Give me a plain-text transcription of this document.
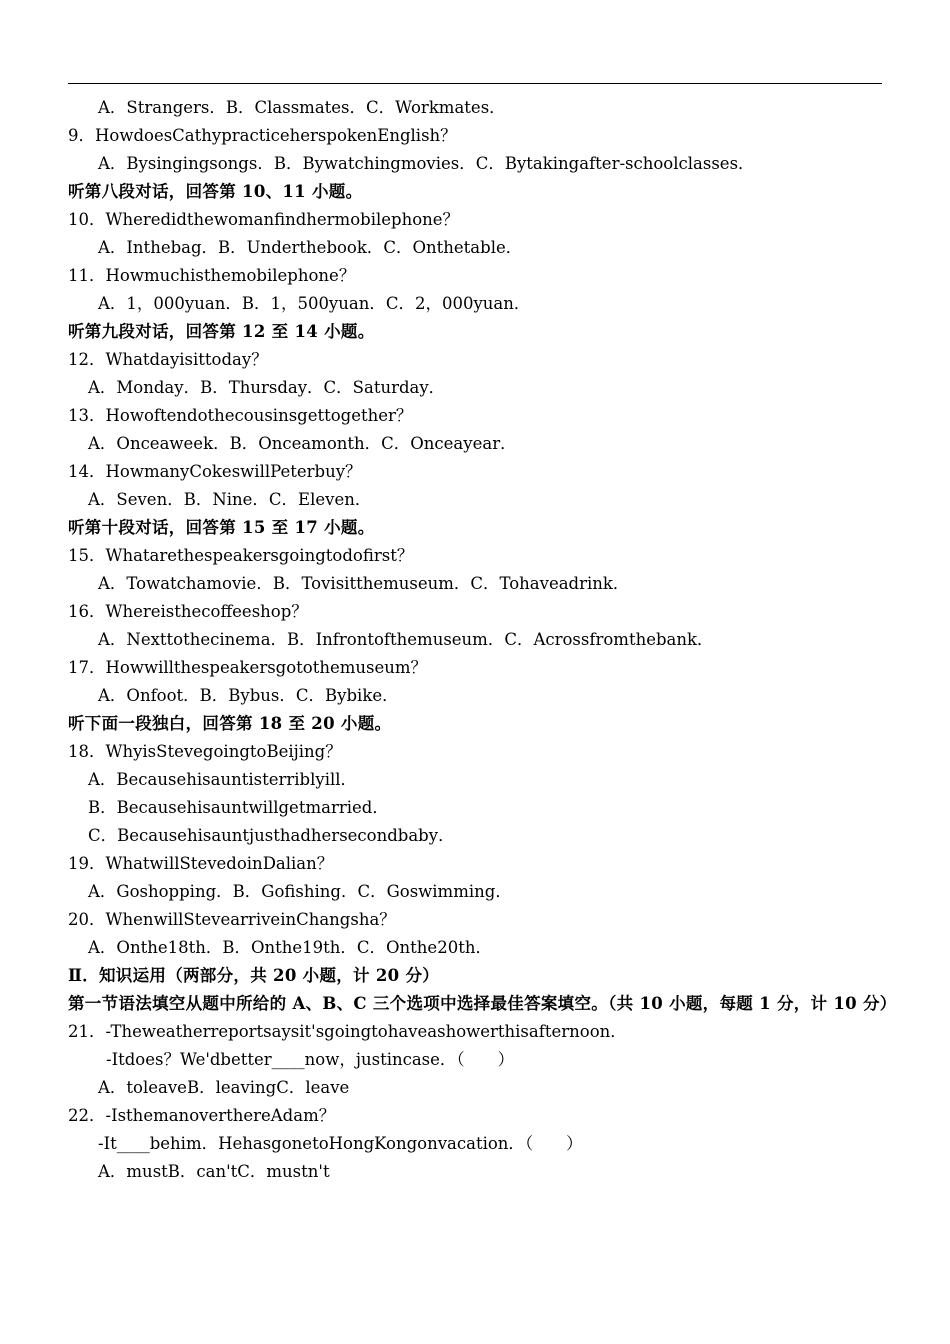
A．Strangers．B．Classmates．C．Workmates．
9．HowdoesCathypracticeherspokenEnglish？
A．Bysingingsongs．B．Bywatchingmovies．C．Bytakingafter-schoolclasses．
听第八段对话，回答第 10、11 小题。
10．Wheredidthewomanfindhermobilephone？
A．Inthebag．B．Underthebook．C．Onthetable．
11．Howmuchisthemobilephone？
A．1，000yuan．B．1，500yuan．C．2，000yuan．
听第九段对话，回答第 12 至 14 小题。
12．Whatdayisittoday？
A．Monday．B．Thursday．C．Saturday．
13．Howoftendothecousinsgettogether？
A．Onceaweek．B．Onceamonth．C．Onceayear．
14．HowmanyCokeswillPeterbuy？
A．Seven．B．Nine．C．Eleven．
听第十段对话，回答第 15 至 17 小题。
15．Whatarethespeakersgoingtodofirst？
A．Towatchamovie．B．Tovisitthemuseum．C．Tohaveadrink．
16．Whereisthecoffeeshop？
A．Nexttothecinema．B．Infrontofthemuseum．C．Acrossfromthebank．
17．Howwillthespeakersgotothemuseum？
A．Onfoot．B．Bybus．C．Bybike．
听下面一段独白，回答第 18 至 20 小题。
18．WhyisStevegoingtoBeijing？
A．Becausehisauntisterriblyill．
B．Becausehisauntwillgetmarried．
C．Becausehisauntjusthadhersecondbaby．
19．WhatwillStevedoinDalian？
A．Goshopping．B．Gofishing．C．Goswimming．
20．WhenwillStevearriveinChangsha？
A．Onthe18th．B．Onthe19th．C．Onthe20th．
Ⅱ．知识运用（两部分，共 20 小题，计 20 分）
第一节语法填空从题中所给的 A、B、C 三个选项中选择最佳答案填空。（共 10 小题，每题 1 分，计 10 分）
21．-Theweatherreportsaysit'sgoingtohaveashowerthisafternoon．
-Itdoes？We'dbetter____now，justincase．（　　）
A．toleaveB．leavingC．leave
22．-IsthemanoverthereAdam？
-It____behim．HehasgonetoHongKongonvacation．（　　）
A．mustB．can'tC．mustn't
